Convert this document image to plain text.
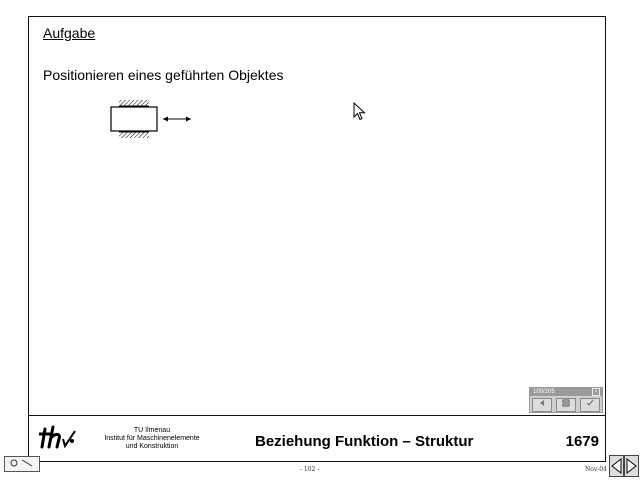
Aufgabe
Positionieren eines geführten Objektes
100/205	×
TU Ilmenau
Institut für Maschinenelemente
und Konstruktion	Beziehung Funktion – Struktur	1679
- 102 -	Nov-04
